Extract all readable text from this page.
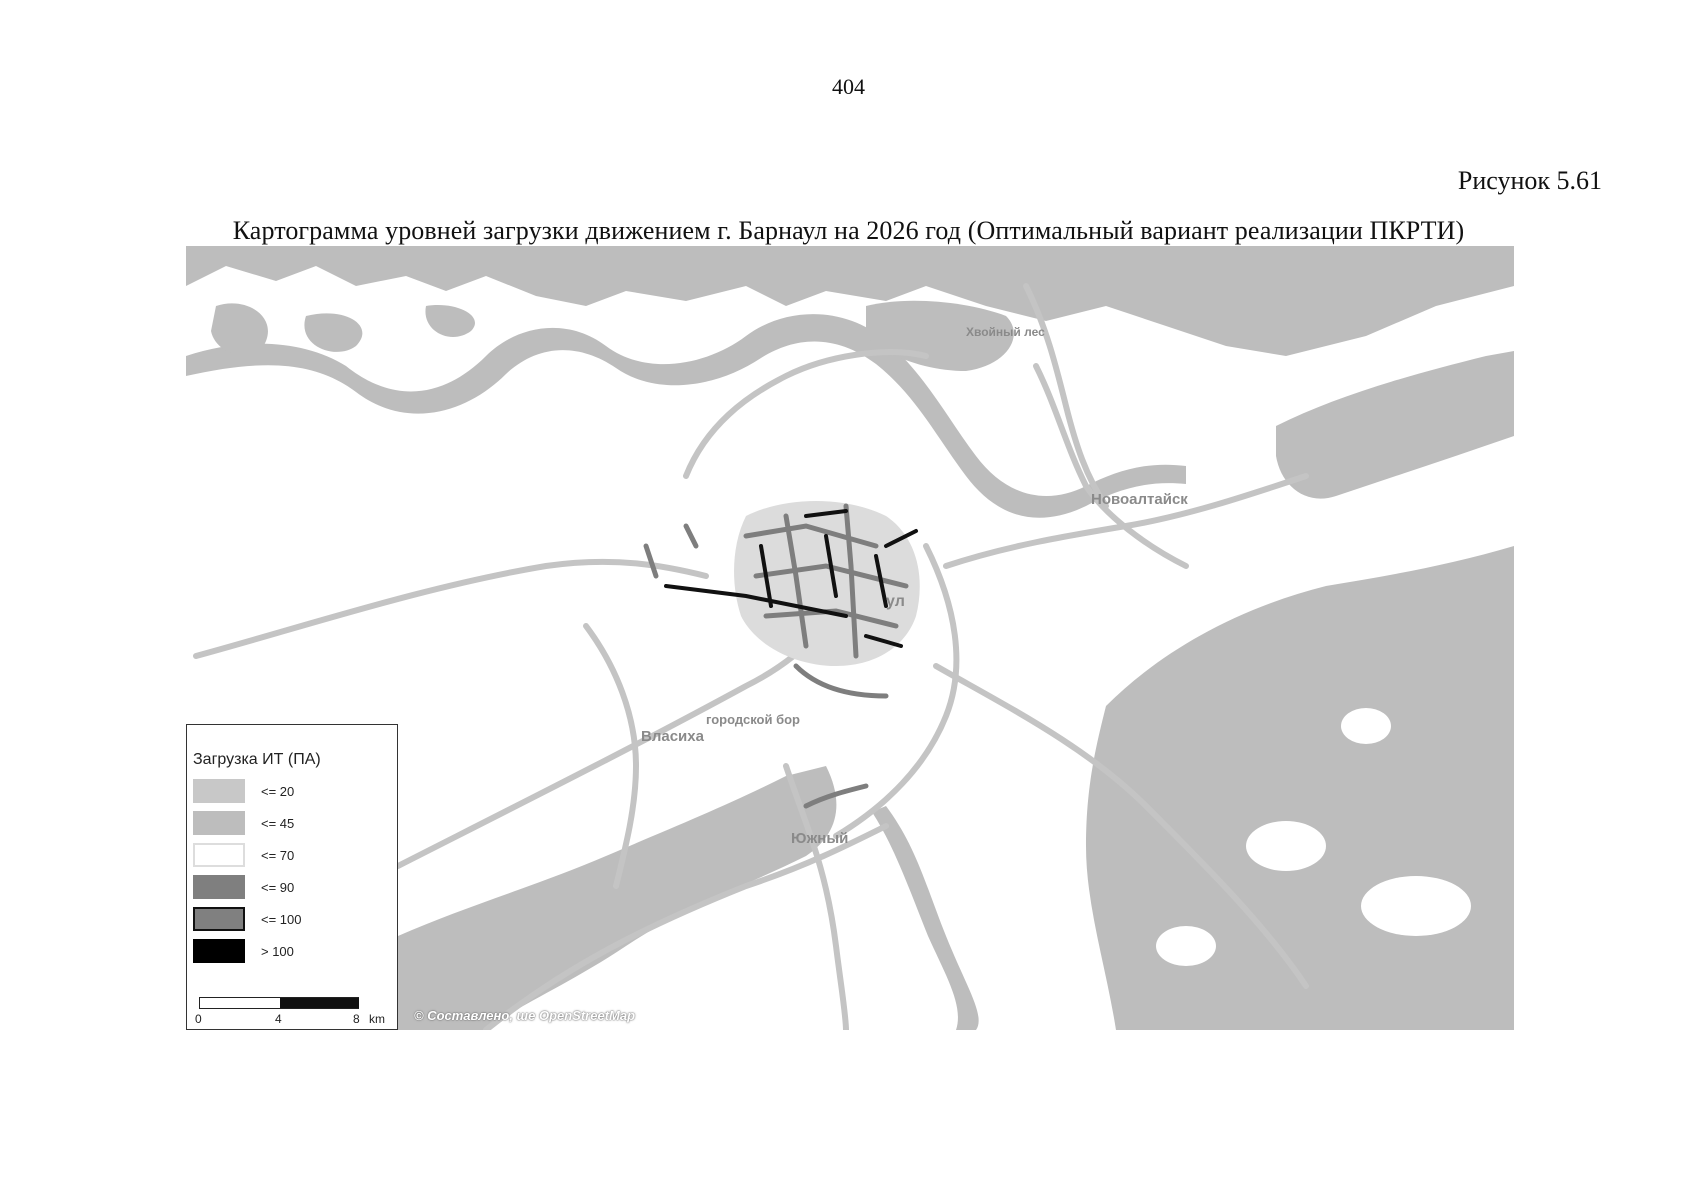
404
Рисунок 5.61
Картограмма уровней загрузки движением г. Барнаул на 2026 год (Оптимальный вариант реализации ПКРТИ)
Новоалтайск
ул
Власиха
Южный
Хвойный лес
городской бор
© Составлено, ше OpenStreetMap
Загрузка ИТ (ПА)
<= 20
<= 45
<= 70
<= 90
<= 100
> 100
0	4	8 km
